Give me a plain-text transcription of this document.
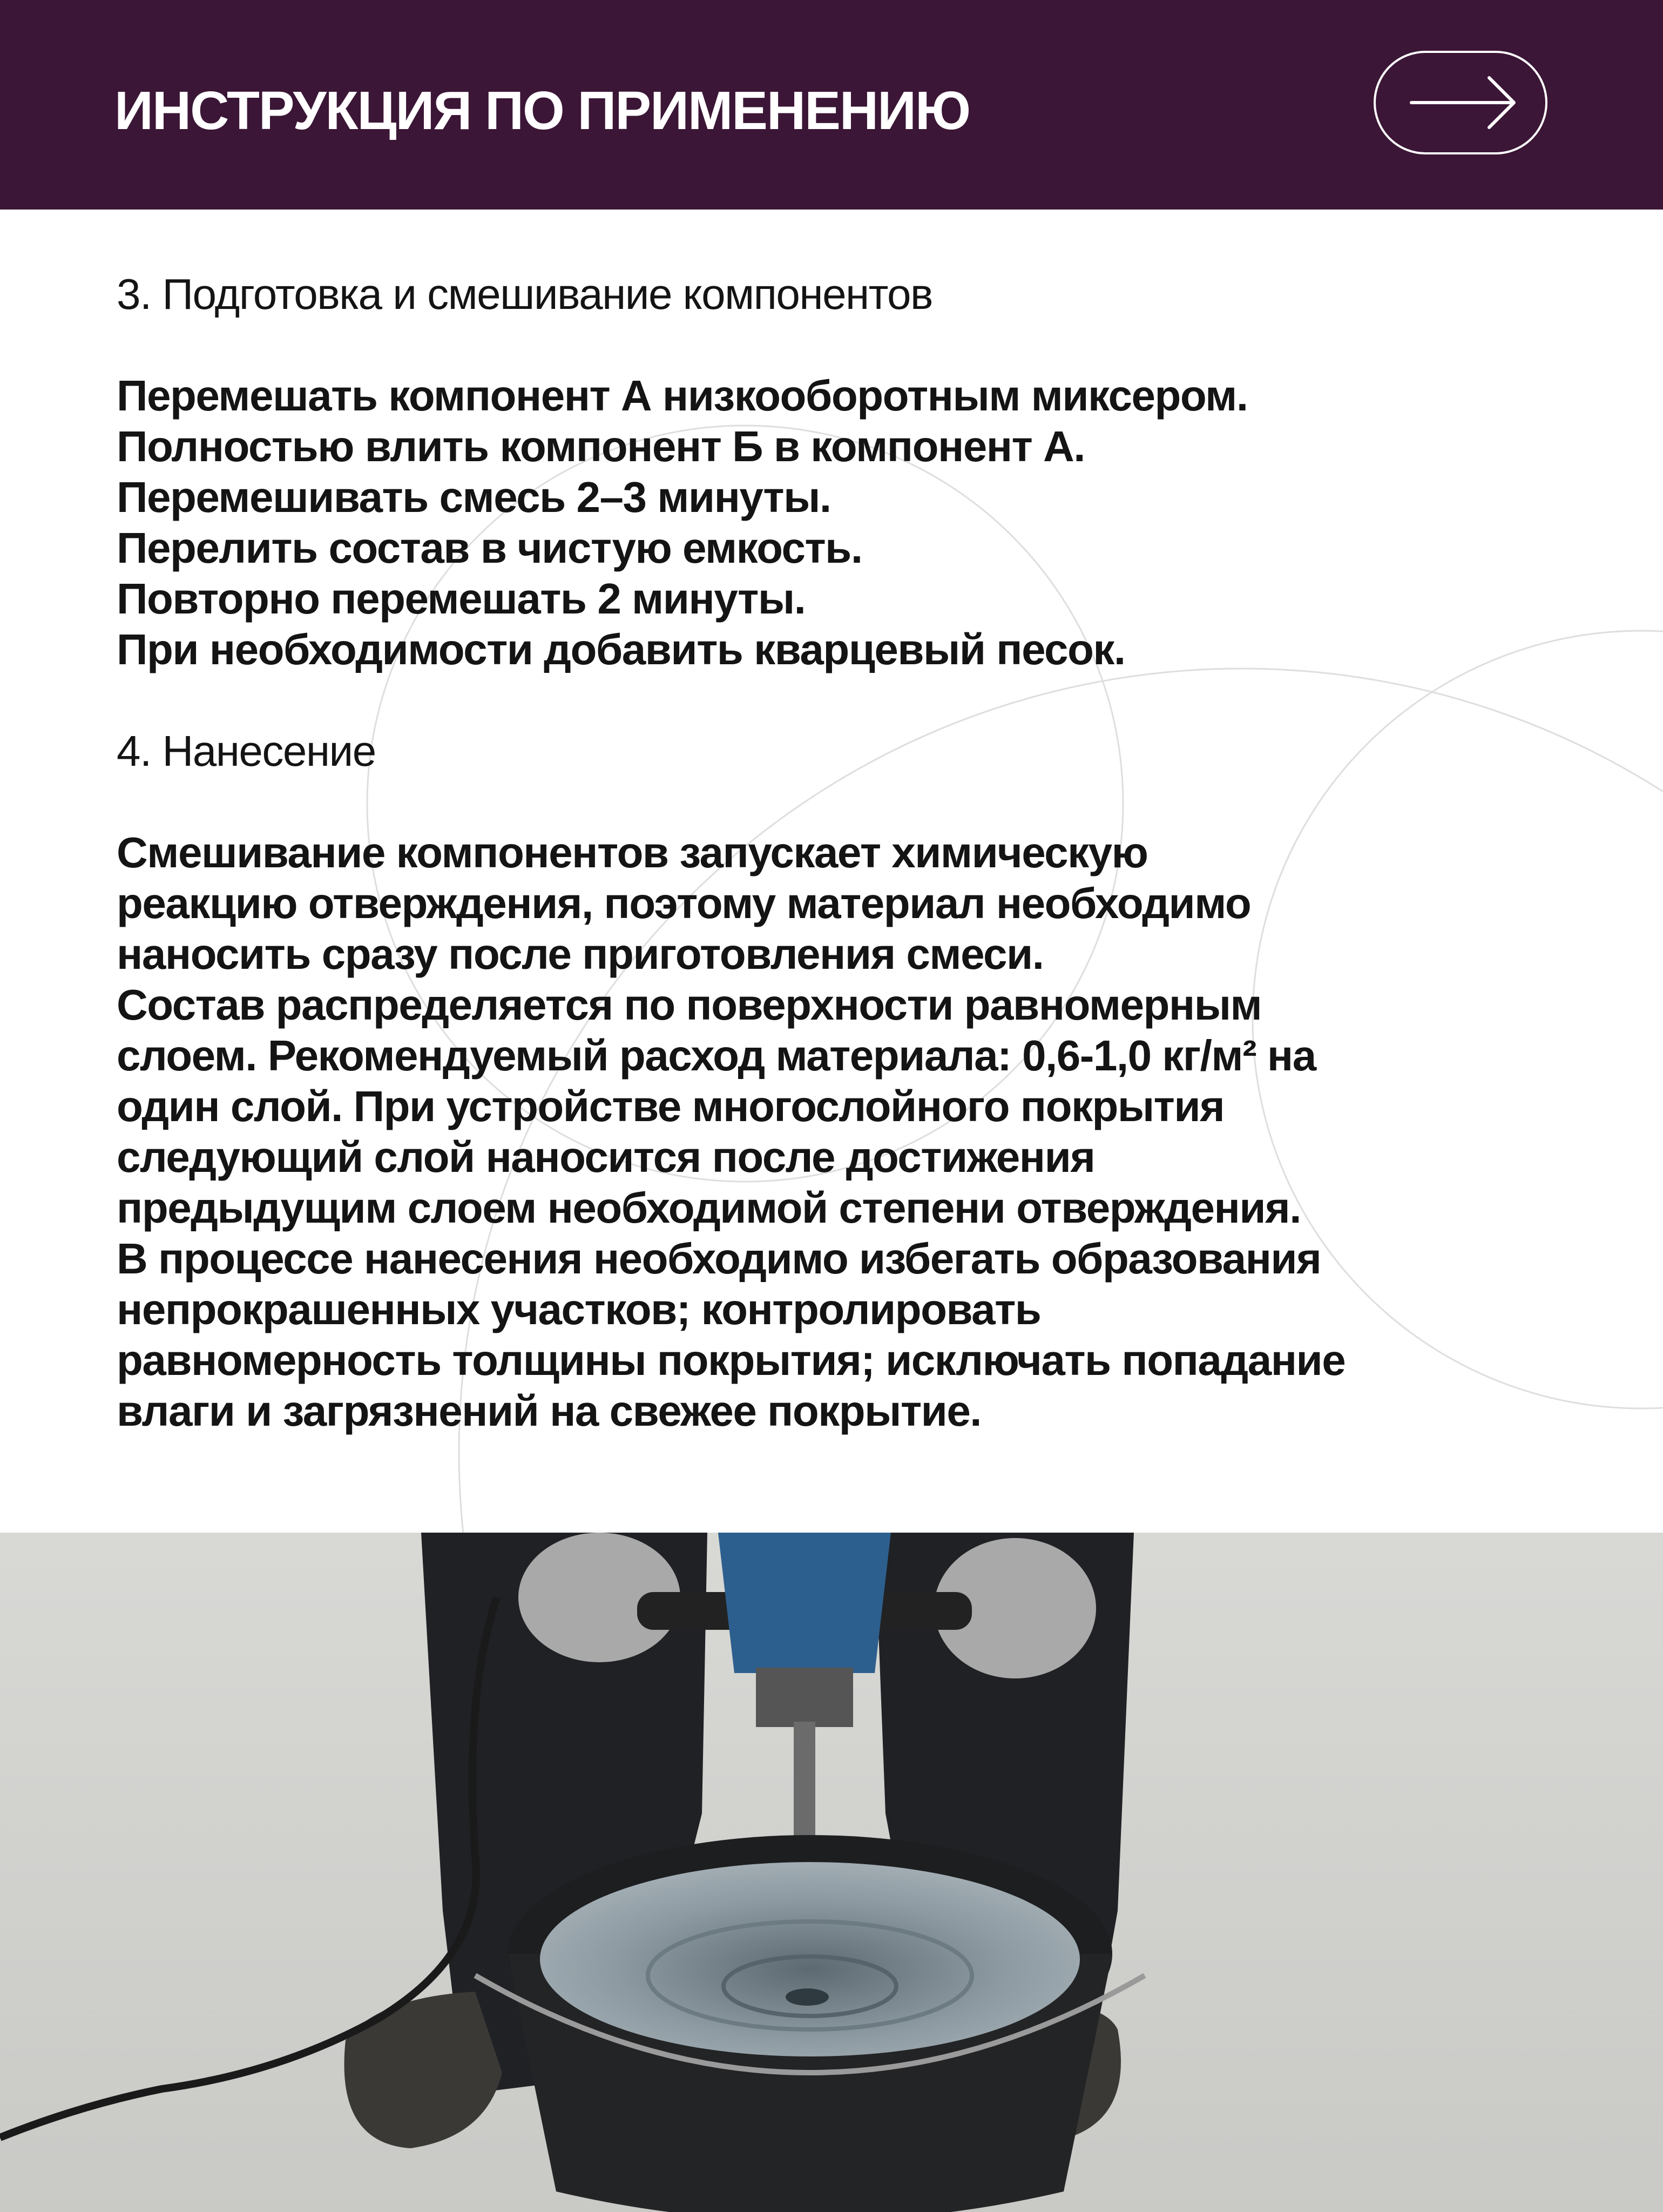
ИНСТРУКЦИЯ ПО ПРИМЕНЕНИЮ
3. Подготовка и смешивание компонентов

Перемешать компонент А низкооборотным миксером.
Полностью влить компонент Б в компонент А.
Перемешивать смесь 2–3 минуты.
Перелить состав в чистую емкость.
Повторно перемешать 2 минуты.
При необходимости добавить кварцевый песок.

4. Нанесение

Смешивание компонентов запускает химическую
реакцию отверждения, поэтому материал необходимо
наносить сразу после приготовления смеси.
Состав распределяется по поверхности равномерным
слоем. Рекомендуемый расход материала: 0,6-1,0 кг/м² на
один слой. При устройстве многослойного покрытия
следующий слой наносится после достижения
предыдущим слоем необходимой степени отверждения.
В процессе нанесения необходимо избегать образования
непрокрашенных участков; контролировать
равномерность толщины покрытия; исключать попадание
влаги и загрязнений на свежее покрытие.
